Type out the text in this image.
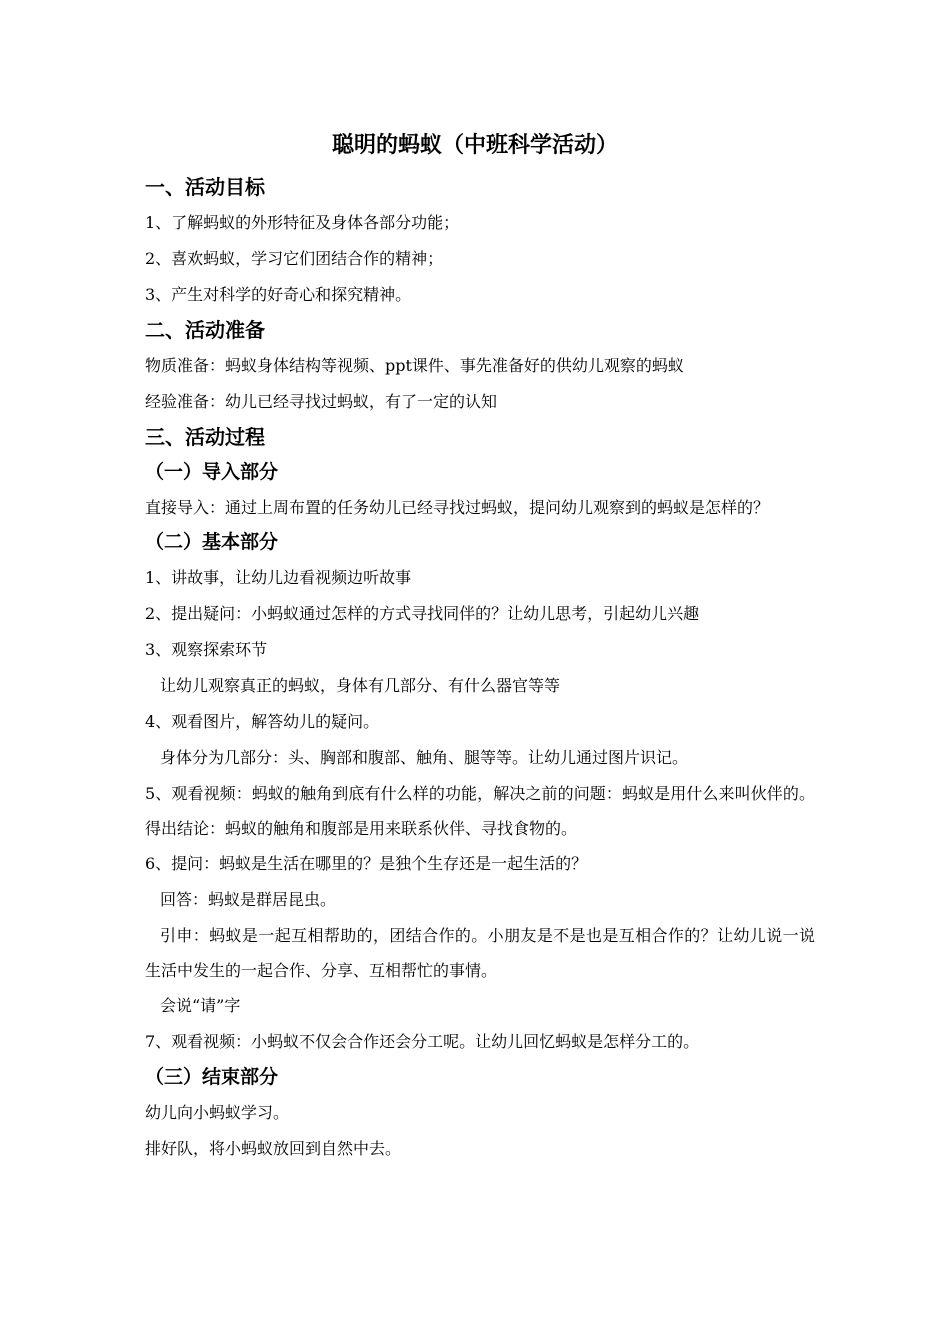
聪明的蚂蚁（中班科学活动）
一、活动目标
1、了解蚂蚁的外形特征及身体各部分功能；
2、喜欢蚂蚁，学习它们团结合作的精神；
3、产生对科学的好奇心和探究精神。
二、活动准备
物质准备：蚂蚁身体结构等视频、ppt课件、事先准备好的供幼儿观察的蚂蚁
经验准备：幼儿已经寻找过蚂蚁，有了一定的认知
三、活动过程
（一）导入部分
直接导入：通过上周布置的任务幼儿已经寻找过蚂蚁，提问幼儿观察到的蚂蚁是怎样的？
（二）基本部分
1、讲故事，让幼儿边看视频边听故事
2、提出疑问：小蚂蚁通过怎样的方式寻找同伴的？让幼儿思考，引起幼儿兴趣
3、观察探索环节
让幼儿观察真正的蚂蚁，身体有几部分、有什么器官等等
4、观看图片，解答幼儿的疑问。
身体分为几部分：头、胸部和腹部、触角、腿等等。让幼儿通过图片识记。
5、观看视频：蚂蚁的触角到底有什么样的功能，解决之前的问题：蚂蚁是用什么来叫伙伴的。得出结论：蚂蚁的触角和腹部是用来联系伙伴、寻找食物的。
6、提问：蚂蚁是生活在哪里的？是独个生存还是一起生活的？
回答：蚂蚁是群居昆虫。
引申：蚂蚁是一起互相帮助的，团结合作的。小朋友是不是也是互相合作的？让幼儿说一说生活中发生的一起合作、分享、互相帮忙的事情。
会说“请”字
7、观看视频：小蚂蚁不仅会合作还会分工呢。让幼儿回忆蚂蚁是怎样分工的。
（三）结束部分
幼儿向小蚂蚁学习。
排好队，将小蚂蚁放回到自然中去。
